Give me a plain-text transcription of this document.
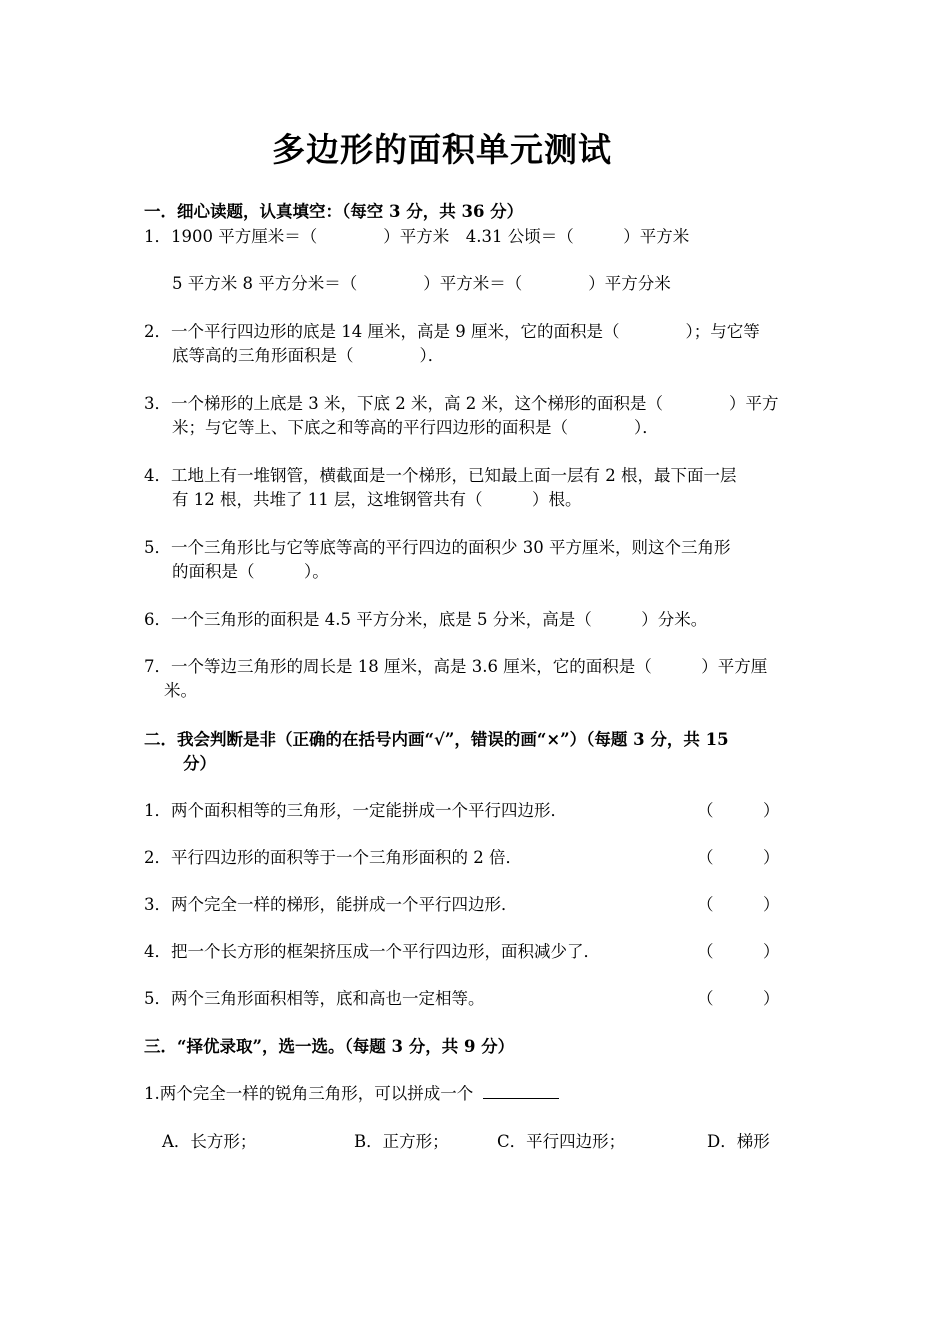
多边形的面积单元测试
一．细心读题，认真填空：（每空 3 分，共 36 分）
1．1900 平方厘米＝（　　　　）平方米　4.31 公顷＝（　　　）平方米
5 平方米 8 平方分米＝（　　　　）平方米＝（　　　　）平方分米
2．一个平行四边形的底是 14 厘米，高是 9 厘米，它的面积是（　　　　）；与它等
底等高的三角形面积是（　　　　）．
3．一个梯形的上底是 3 米，下底 2 米，高 2 米，这个梯形的面积是（　　　　）平方
米；与它等上、下底之和等高的平行四边形的面积是（　　　　）．
4．工地上有一堆钢管，横截面是一个梯形，已知最上面一层有 2 根，最下面一层
有 12 根，共堆了 11 层，这堆钢管共有（　　　）根。
5．一个三角形比与它等底等高的平行四边的面积少 30 平方厘米，则这个三角形
的面积是（　　　）。
6．一个三角形的面积是 4.5 平方分米，底是 5 分米，高是（　　　）分米。
7．一个等边三角形的周长是 18 厘米，高是 3.6 厘米，它的面积是（　　　）平方厘
米。
二．我会判断是非（正确的在括号内画“√”，错误的画“×”）（每题 3 分，共 15
分）
1．两个面积相等的三角形，一定能拼成一个平行四边形．	（　　　）
2．平行四边形的面积等于一个三角形面积的 2 倍．	（　　　）
3．两个完全一样的梯形，能拼成一个平行四边形．	（　　　）
4．把一个长方形的框架挤压成一个平行四边形，面积减少了．	（　　　）
5．两个三角形面积相等，底和高也一定相等。	（　　　）
三．“择优录取”，选一选。（每题 3 分，共 9 分）
1.两个完全一样的锐角三角形，可以拼成一个
A．长方形；	B．正方形；	C．平行四边形；	D．梯形
